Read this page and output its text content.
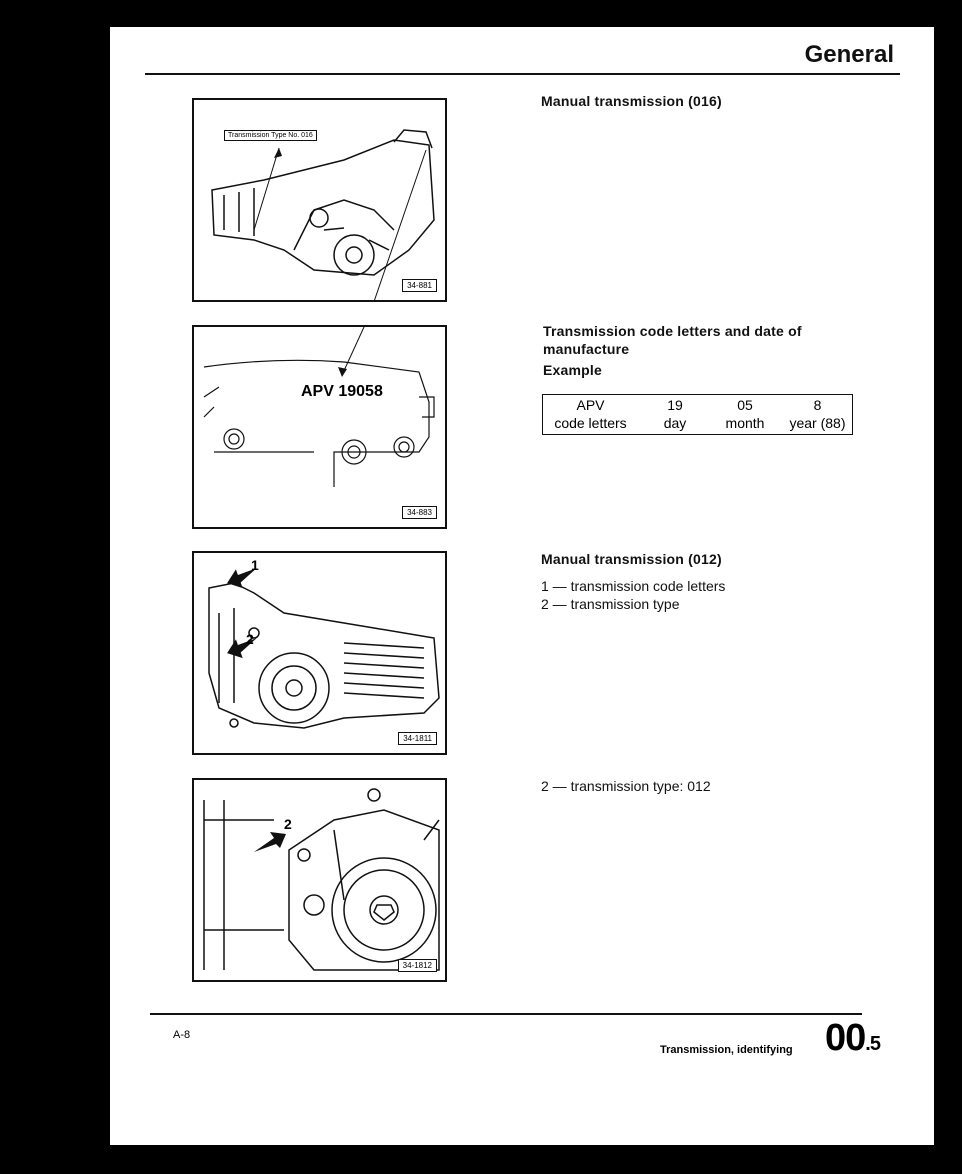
General
Transmission Type No. 016
34-881
APV 19058
34-883
1
2
34-1811
2
34-1812
Manual transmission (016)
Transmission code letters and date of
manufacture
Example
APV	19	05	8
code letters	day	month	year (88)
Manual transmission (012)
1 — transmission code letters
2 — transmission type
2 — transmission type: 012
A-8
Transmission, identifying 00.5
